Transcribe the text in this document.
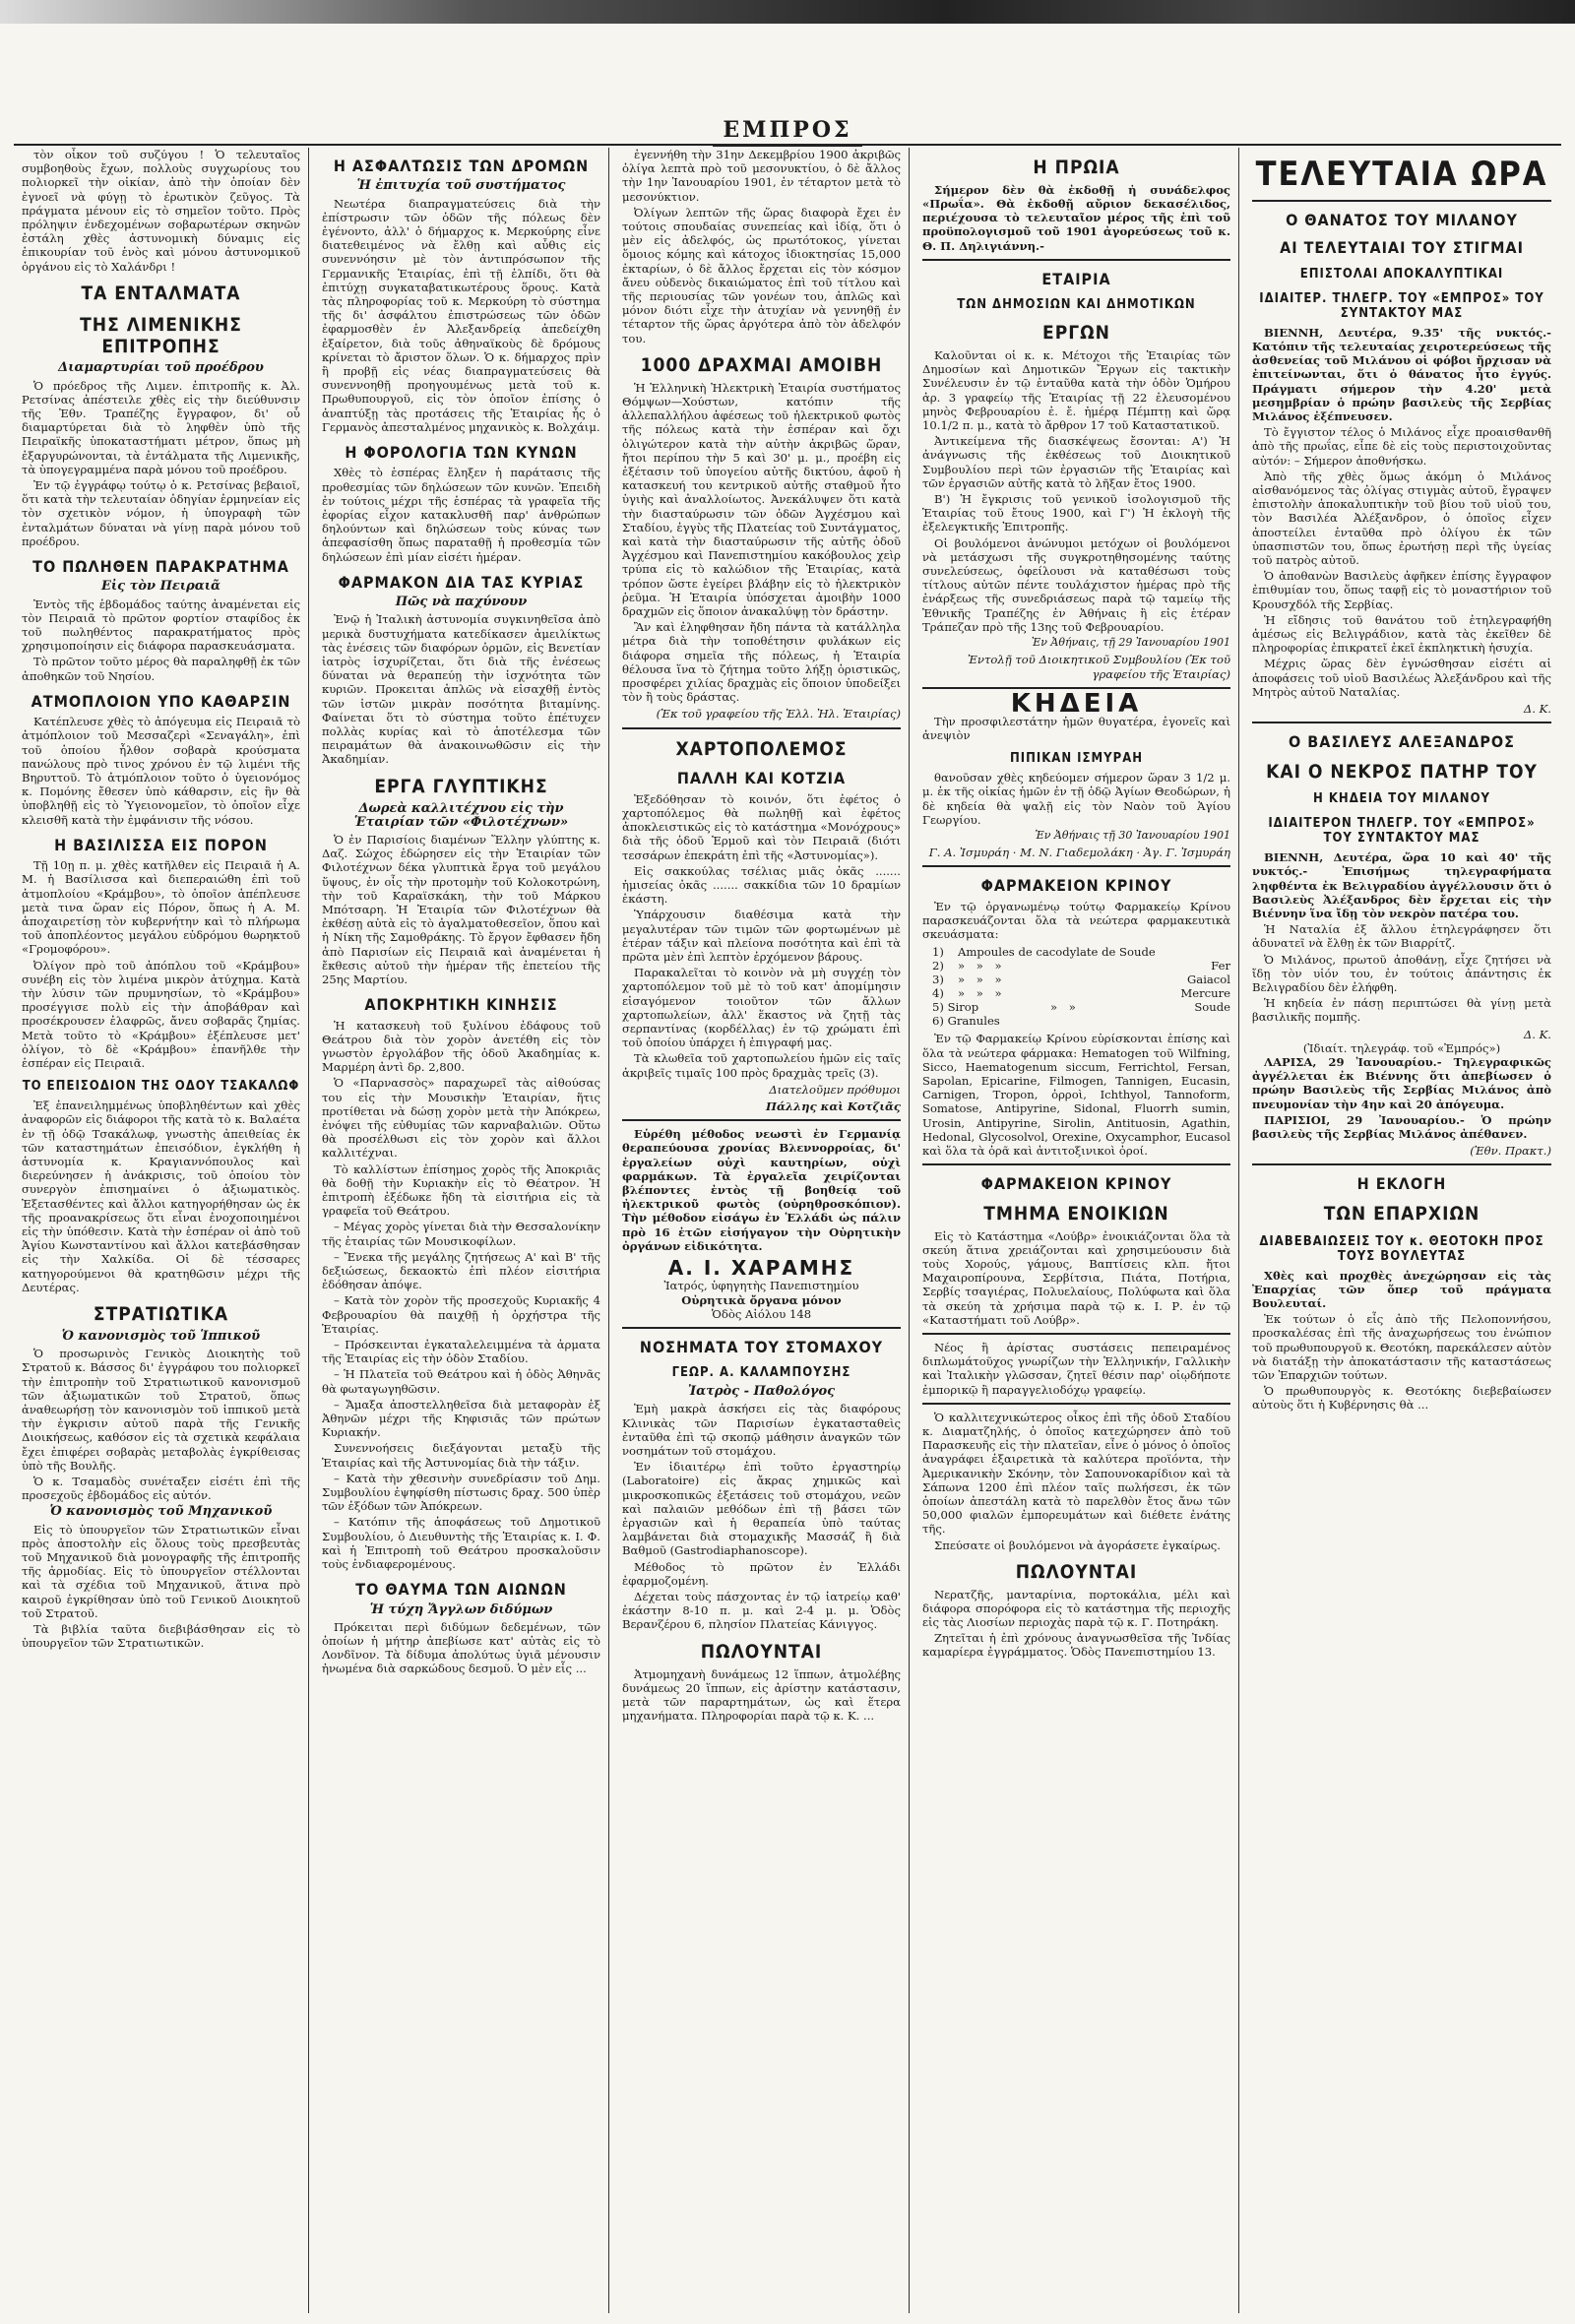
ΕΜΠΡΟΣ

τὸν οἶκον τοῦ συζύγου ! Ὁ τελευταῖος συμβοηθοὺς ἔχων, πολλοὺς συγχωρίους του πολιορκεῖ τὴν οἰκίαν, ἀπὸ τὴν ὁποίαν δὲν ἐγνοεῖ νὰ φύγῃ τὸ ἐρωτικὸν ζεῦγος. Τὰ πράγματα μένουν εἰς τὸ σημεῖον τοῦτο. Πρὸς πρόληψιν ἐνδεχομένων σοβαρωτέρων σκηνῶν ἐστάλη χθὲς ἀστυνομικὴ δύναμις εἰς ἐπικουρίαν τοῦ ἑνὸς καὶ μόνου ἀστυνομικοῦ ὀργάνου εἰς τὸ Χαλάνδρι !

ΤΑ ΕΝΤΑΛΜΑΤΑ
ΤΗΣ ΛΙΜΕΝΙΚΗΣ ΕΠΙΤΡΟΠΗΣ
Διαμαρτυρίαι τοῦ προέδρου

Ὁ πρόεδρος τῆς Λιμεν. ἐπιτροπῆς κ. Ἀλ. Ρετσίνας ἀπέστειλε χθὲς εἰς τὴν διεύθυνσιν τῆς Ἐθν. Τραπέζης ἔγγραφον, δι' οὗ διαμαρτύρεται διὰ τὸ ληφθὲν ὑπὸ τῆς Πειραϊκῆς ὑποκαταστήματι μέτρον, ὅπως μὴ ἐξαργυρώνονται, τὰ ἐντάλματα τῆς Λιμενικῆς, τὰ ὑπογεγραμμένα παρὰ μόνου τοῦ προέδρου.

Ἐν τῷ ἐγγράφῳ τούτῳ ὁ κ. Ρετσίνας βεβαιοῖ, ὅτι κατὰ τὴν τελευταίαν ὁδηγίαν ἑρμηνείαν εἰς τὸν σχετικὸν νόμον, ἡ ὑπογραφὴ τῶν ἐνταλμάτων δύναται νὰ γίνῃ παρὰ μόνου τοῦ προέδρου.

ΤΟ ΠΩΛΗΘΕΝ ΠΑΡΑΚΡΑΤΗΜΑ
Εἰς τὸν Πειραιᾶ

Ἐντὸς τῆς ἑβδομάδος ταύτης ἀναμένεται εἰς τὸν Πειραιᾶ τὸ πρῶτον φορτίον σταφίδος ἐκ τοῦ πωληθέντος παρακρατήματος πρὸς χρησιμοποίησιν εἰς διάφορα παρασκευάσματα.

Τὸ πρῶτον τοῦτο μέρος θὰ παραληφθῇ ἐκ τῶν ἀποθηκῶν τοῦ Νησίου.

ΑΤΜΟΠΛΟΙΟΝ ΥΠΟ ΚΑΘΑΡΣΙΝ

Κατέπλευσε χθὲς τὸ ἀπόγευμα εἰς Πειραιᾶ τὸ ἀτμόπλοιον τοῦ Μεσσαζερὶ «Σεναγάλη», ἐπὶ τοῦ ὁποίου ἦλθον σοβαρὰ κρούσματα πανώλους πρὸ τινος χρόνου ἐν τῷ λιμένι τῆς Βηρυττοῦ. Τὸ ἀτμόπλοιον τοῦτο ὁ ὑγειονόμος κ. Πομόνης ἔθεσεν ὑπὸ κάθαρσιν, εἰς ἣν θὰ ὑποβληθῇ εἰς τὸ Ὑγειονομεῖον, τὸ ὁποῖον εἶχε κλεισθῆ κατὰ τὴν ἐμφάνισιν τῆς νόσου.

Η ΒΑΣΙΛΙΣΣΑ ΕΙΣ ΠΟΡΟΝ

Τῇ 10ῃ π. μ. χθὲς κατῆλθεν εἰς Πειραιᾶ ἡ Α. Μ. ἡ Βασίλισσα καὶ διεπεραιώθη ἐπὶ τοῦ ἀτμοπλοίου «Κράμβου», τὸ ὁποῖον ἀπέπλευσε μετὰ τινα ὥραν εἰς Πόρον, ὅπως ἡ Α. Μ. ἀποχαιρετίσῃ τὸν κυβερνήτην καὶ τὸ πλήρωμα τοῦ ἀποπλέοντος μεγάλου εὐδρόμου θωρηκτοῦ «Γρομοφόρου».

Ὀλίγον πρὸ τοῦ ἀπόπλου τοῦ «Κράμβου» συνέβη εἰς τὸν λιμένα μικρὸν ἀτύχημα. Κατὰ τὴν λύσιν τῶν πρυμνησίων, τὸ «Κράμβου» προσέγγισε πολὺ εἰς τὴν ἀποβάθραν καὶ προσέκρουσεν ἐλαφρῶς, ἄνευ σοβαρᾶς ζημίας. Μετὰ τοῦτο τὸ «Κράμβου» ἐξέπλευσε μετ' ὀλίγον, τὸ δὲ «Κράμβου» ἐπανῆλθε τὴν ἑσπέραν εἰς Πειραιᾶ.

ΤΟ ΕΠΕΙΣΟΔΙΟΝ ΤΗΣ ΟΔΟΥ ΤΣΑΚΑΛΩΦ

Ἐξ ἐπανειλημμένως ὑποβληθέντων καὶ χθὲς ἀναφορῶν εἰς διάφοροι τῆς κατὰ τὸ κ. Βαλαέτα ἐν τῇ ὁδῷ Τσακάλωφ, γνωστὴς ἀπειθείας ἐκ τῶν καταστημάτων ἐπεισόδιον, ἐγκλήθη ἡ ἀστυνομία κ. Κραγιαννόπουλος καὶ διερεύνησεν ἡ ἀνάκρισις, τοῦ ὁποίου τὸν συνεργὸν ἐπισημαίνει ὁ ἀξιωματικὸς. Ἐξετασθέντες καὶ ἄλλοι κατηγορήθησαν ὡς ἐκ τῆς προανακρίσεως ὅτι εἶναι ἐνοχοποιημένοι εἰς τὴν ὑπόθεσιν. Κατὰ τὴν ἑσπέραν οἱ ἀπὸ τοῦ Ἁγίου Κωνσταντίνου καὶ ἄλλοι κατεβάσθησαν εἰς τὴν Χαλκίδα. Οἱ δὲ τέσσαρες κατηγορούμενοι θὰ κρατηθῶσιν μέχρι τῆς Δευτέρας.

ΣΤΡΑΤΙΩΤΙΚΑ
Ὁ κανονισμὸς τοῦ Ἱππικοῦ

Ὁ προσωρινὸς Γενικὸς Διοικητὴς τοῦ Στρατοῦ κ. Βάσσος δι' ἐγγράφου του πολιορκεῖ τὴν ἐπιτροπὴν τοῦ Στρατιωτικοῦ κανονισμοῦ τῶν ἀξιωματικῶν τοῦ Στρατοῦ, ὅπως ἀναθεωρήσῃ τὸν κανονισμὸν τοῦ ἱππικοῦ μετὰ τὴν ἐγκρισιν αὐτοῦ παρὰ τῆς Γενικῆς Διοικήσεως, καθόσον εἰς τὰ σχετικὰ κεφάλαια ἔχει ἐπιφέρει σοβαρὰς μεταβολὰς ἐγκρίθεισας ὑπὸ τῆς Βουλῆς.

Ὁ κ. Τσαμαδὸς συνέταξεν εἰσέτι ἐπὶ τῆς προσεχοῦς ἐβδομάδος εἰς αὐτόν.

Ὁ κανονισμὸς τοῦ Μηχανικοῦ

Εἰς τὸ ὑπουργεῖον τῶν Στρατιωτικῶν εἶναι πρὸς ἀποστολὴν εἰς ὅλους τοὺς πρεσβευτὰς τοῦ Μηχανικοῦ διὰ μονογραφῆς τῆς ἐπιτροπῆς τῆς ἀρμοδίας. Εἰς τὸ ὑπουργεῖον στέλλονται καὶ τὰ σχέδια τοῦ Μηχανικοῦ, ἅτινα πρὸ καιροῦ ἐγκρίθησαν ὑπὸ τοῦ Γενικοῦ Διοικητοῦ τοῦ Στρατοῦ.

Τὰ βιβλία ταῦτα διεβιβάσθησαν εἰς τὸ ὑπουργεῖον τῶν Στρατιωτικῶν.

Η ΑΣΦΑΛΤΩΣΙΣ ΤΩΝ ΔΡΟΜΩΝ
Ἡ ἐπιτυχία τοῦ συστήματος

Νεωτέρα διαπραγματεύσεις διὰ τὴν ἐπίστρωσιν τῶν ὁδῶν τῆς πόλεως δὲν ἐγένοντο, ἀλλ' ὁ δήμαρχος κ. Μερκούρης εἶνε διατεθειμένος νὰ ἔλθῃ καὶ αὖθις εἰς συνεννόησιν μὲ τὸν ἀντιπρόσωπον τῆς Γερμανικῆς Ἑταιρίας, ἐπὶ τῇ ἐλπίδι, ὅτι θὰ ἐπιτύχῃ συγκαταβατικωτέρους ὅρους. Κατὰ τὰς πληροφορίας τοῦ κ. Μερκούρη τὸ σύστημα τῆς δι' ἀσφάλτου ἐπιστρώσεως τῶν ὁδῶν ἐφαρμοσθὲν ἐν Ἀλεξανδρείᾳ ἀπεδείχθη ἐξαίρετον, διὰ τοῦς ἀθηναϊκοὺς δὲ δρόμους κρίνεται τὸ ἄριστον ὅλων. Ὁ κ. δήμαρχος πρὶν ἢ προβῇ εἰς νέας διαπραγματεύσεις θὰ συνεννοηθῇ προηγουμένως μετὰ τοῦ κ. Πρωθυπουργοῦ, εἰς τὸν ὁποῖον ἐπίσης ὁ ἀναπτύξῃ τὰς προτάσεις τῆς Ἑταιρίας ἧς ὁ Γερμανὸς ἀπεσταλμένος μηχανικὸς κ. Βολχάιμ.

Η ΦΟΡΟΛΟΓΙΑ ΤΩΝ ΚΥΝΩΝ

Χθὲς τὸ ἑσπέρας ἔληξεν ἡ παράτασις τῆς προθεσμίας τῶν δηλώσεων τῶν κυνῶν. Ἐπειδὴ ἐν τούτοις μέχρι τῆς ἑσπέρας τὰ γραφεῖα τῆς ἐφορίας εἶχον κατακλυσθῆ παρ' ἀνθρώπων δηλούντων καὶ δηλώσεων τοὺς κύνας των ἀπεφασίσθη ὅπως παραταθῇ ἡ προθεσμία τῶν δηλώσεων ἐπὶ μίαν εἰσέτι ἡμέραν.

ΦΑΡΜΑΚΟΝ ΔΙΑ ΤΑΣ ΚΥΡΙΑΣ
Πῶς νὰ παχύνουν

Ἐνῷ ἡ Ἰταλικὴ ἀστυνομία συγκινηθεῖσα ἀπὸ μερικὰ δυστυχήματα κατεδίκασεν ἀμειλίκτως τὰς ἐνέσεις τῶν διαφόρων ὁρμῶν, εἰς Βενετίαν ἰατρὸς ἰσχυρίζεται, ὅτι διὰ τῆς ἐνέσεως δύναται νὰ θεραπεύῃ τὴν ἰσχνότητα τῶν κυριῶν. Προκειται ἁπλῶς νὰ εἰσαχθῇ ἐντὸς τῶν ἱστῶν μικρὰν ποσότητα βιταμίνης. Φαίνεται ὅτι τὸ σύστημα τοῦτο ἐπέτυχεν πολλὰς κυρίας καὶ τὸ ἀποτέλεσμα τῶν πειραμάτων θὰ ἀνακοινωθῶσιν εἰς τὴν Ἀκαδημίαν.

ΕΡΓΑ ΓΛΥΠΤΙΚΗΣ
Δωρεὰ καλλιτέχνου εἰς τὴν Ἑταιρίαν τῶν «Φιλοτέχνων»

Ὁ ἐν Παρισίοις διαμένων Ἕλλην γλύπτης κ. Δαζ. Σώχος ἐδώρησεν εἰς τὴν Ἑταιρίαν τῶν Φιλοτέχνων δέκα γλυπτικὰ ἔργα τοῦ μεγάλου ὕψους, ἐν οἷς τὴν προτομὴν τοῦ Κολοκοτρώνη, τὴν τοῦ Καραϊσκάκη, τὴν τοῦ Μάρκου Μπότσαρη. Ἡ Ἑταιρία τῶν Φιλοτέχνων θὰ ἐκθέσῃ αὐτὰ εἰς τὸ ἀγαλματοθεσεῖον, ὅπου καὶ ἡ Νίκη τῆς Σαμοθράκης. Τὸ ἔργον ἔφθασεν ἤδη ἀπὸ Παρισίων εἰς Πειραιᾶ καὶ ἀναμένεται ἡ ἔκθεσις αὐτοῦ τὴν ἡμέραν τῆς ἐπετείου τῆς 25ης Μαρτίου.

ΑΠΟΚΡΗΤΙΚΗ ΚΙΝΗΣΙΣ

Ἡ κατασκευὴ τοῦ ξυλίνου ἐδάφους τοῦ Θεάτρου διὰ τὸν χορὸν ἀνετέθη εἰς τὸν γνωστὸν ἐργολάβον τῆς ὁδοῦ Ἀκαδημίας κ. Μαρμέρη ἀντὶ δρ. 2,800.

Ὁ «Παρνασσὸς» παραχωρεῖ τὰς αἰθούσας του εἰς τὴν Μουσικὴν Ἑταιρίαν, ἥτις προτίθεται νὰ δώσῃ χορὸν μετὰ τὴν Ἀπόκρεω, ἐνόψει τῆς εὐθυμίας τῶν καρναβαλιῶν. Οὕτω θὰ προσέλθωσι εἰς τὸν χορὸν καὶ ἄλλοι καλλιτέχναι.

Τὸ καλλίστων ἐπίσημος χορὸς τῆς Ἀποκριᾶς θὰ δοθῇ τὴν Κυριακὴν εἰς τὸ Θέατρον. Ἡ ἐπιτροπὴ ἐξέδωκε ἤδη τὰ εἰσιτήρια εἰς τὰ γραφεῖα τοῦ Θεάτρου.

– Μέγας χορὸς γίνεται διὰ τὴν Θεσσαλονίκην τῆς ἑταιρίας τῶν Μουσικοφίλων.

– Ἔνεκα τῆς μεγάλης ζητήσεως Α' καὶ Β' τῆς δεξιώσεως, δεκαοκτὼ ἐπὶ πλέον εἰσιτήρια ἐδόθησαν ἀπόψε.

– Κατὰ τὸν χορὸν τῆς προσεχοῦς Κυριακῆς 4 Φεβρουαρίου θὰ παιχθῇ ἡ ὁρχήστρα τῆς Ἑταιρίας.

– Πρόσκεινται ἐγκαταλελειμμένα τὰ ἁρματα τῆς Ἑταιρίας εἰς τὴν ὁδὸν Σταδίου.

– Ἡ Πλατεῖα τοῦ Θεάτρου καὶ ἡ ὁδὸς Ἀθηνᾶς θὰ φωταγωγηθῶσιν.

– Ἄμαξα ἀποστελληθεῖσα διὰ μεταφορὰν ἐξ Ἀθηνῶν μέχρι τῆς Κηφισιᾶς τῶν πρώτων Κυριακήν.

Συνεννοήσεις διεξάγονται μεταξὺ τῆς Ἑταιρίας καὶ τῆς Ἀστυνομίας διὰ τὴν τάξιν.

– Κατὰ τὴν χθεσινὴν συνεδρίασιν τοῦ Δημ. Συμβουλίου ἐψηφίσθη πίστωσις δραχ. 500 ὑπὲρ τῶν ἐξόδων τῶν Ἀπόκρεων.

– Κατόπιν τῆς ἀποφάσεως τοῦ Δημοτικοῦ Συμβουλίου, ὁ Διευθυντὴς τῆς Ἑταιρίας κ. Ι. Φ. καὶ ἡ Ἐπιτροπὴ τοῦ Θεάτρου προσκαλοῦσιν τοὺς ἐνδιαφερομένους.

ΤΟ ΘΑΥΜΑ ΤΩΝ ΑΙΩΝΩΝ
Ἡ τύχη Ἄγγλων διδύμων

Πρόκειται περὶ διδύμων δεδεμένων, τῶν ὁποίων ἡ μήτηρ ἀπεβίωσε κατ' αὐτὰς εἰς τὸ Λονδῖνον. Τὰ δίδυμα ἀπολύτως ὑγιᾶ μένουσιν ἡνωμένα διὰ σαρκώδους δεσμοῦ. Ὁ μὲν εἷς ...

ἐγεννήθη τὴν 31ην Δεκεμβρίου 1900 ἀκριβῶς ὀλίγα λεπτὰ πρὸ τοῦ μεσονυκτίου, ὁ δὲ ἄλλος τὴν 1ην Ἰανουαρίου 1901, ἐν τέταρτον μετὰ τὸ μεσονύκτιον.

Ὀλίγων λεπτῶν τῆς ὥρας διαφορὰ ἔχει ἐν τούτοις σπουδαίας συνεπείας καὶ ἰδίᾳ, ὅτι ὁ μὲν εἰς ἀδελφός, ὡς πρωτότοκος, γίνεται ὅμοιος κόμης καὶ κάτοχος ἰδιοκτησίας 15,000 ἐκταρίων, ὁ δὲ ἄλλος ἔρχεται εἰς τὸν κόσμον ἄνευ οὐδενὸς δικαιώματος ἐπὶ τοῦ τίτλου καὶ τῆς περιουσίας τῶν γονέων του, ἁπλῶς καὶ μόνον διότι εἶχε τὴν ἀτυχίαν νὰ γεννηθῇ ἐν τέταρτον τῆς ὥρας ἀργότερα ἀπὸ τὸν ἀδελφόν του.

1000 ΔΡΑΧΜΑΙ ΑΜΟΙΒΗ

Ἡ Ἑλληνικὴ Ἠλεκτρικὴ Ἑταιρία συστήματος Θόμψων—Χούστων, κατόπιν τῆς ἀλλεπαλλήλου ἀφέσεως τοῦ ἠλεκτρικοῦ φωτὸς τῆς πόλεως κατὰ τὴν ἑσπέραν καὶ ὄχι ὀλιγώτερον κατὰ τὴν αὐτὴν ἀκριβῶς ὥραν, ἤτοι περίπου τὴν 5 καὶ 30' μ. μ., προέβη εἰς ἐξέτασιν τοῦ ὑπογείου αὐτῆς δικτύου, ἀφοῦ ἡ κατασκευή του κεντρικοῦ αὐτῆς σταθμοῦ ἦτο ὑγιὴς καὶ ἀναλλοίωτος. Ἀνεκάλυψεν ὅτι κατὰ τὴν διασταύρωσιν τῶν ὁδῶν Ἀγχέσμου καὶ Σταδίου, ἐγγὺς τῆς Πλατείας τοῦ Συντάγματος, καὶ κατὰ τὴν διασταύρωσιν τῆς αὐτῆς ὁδοῦ Ἀγχέσμου καὶ Πανεπιστημίου κακόβουλος χεὶρ τρύπα εἰς τὸ καλώδιον τῆς Ἑταιρίας, κατὰ τρόπον ὥστε ἐγείρει βλάβην εἰς τὸ ἠλεκτρικὸν ῥεῦμα. Ἡ Ἑταιρία ὑπόσχεται ἀμοιβὴν 1000 δραχμῶν εἰς ὅποιον ἀνακαλύψῃ τὸν δράστην.

Ἂν καὶ ἐληφθησαν ἤδη πάντα τὰ κατάλληλα μέτρα διὰ τὴν τοποθέτησιν φυλάκων εἰς διάφορα σημεῖα τῆς πόλεως, ἡ Ἑταιρία θέλουσα ἵνα τὸ ζήτημα τοῦτο λήξῃ ὁριστικῶς, προσφέρει χιλίας δραχμὰς εἰς ὅποιον ὑποδείξει τὸν ἢ τοὺς δράστας.

(Ἐκ τοῦ γραφείου τῆς Ἑλλ. Ἠλ. Ἑταιρίας)
ΧΑΡΤΟΠΟΛΕΜΟΣ
ΠΑΛΛΗ ΚΑΙ ΚΟΤΖΙΑ

Ἐξεδόθησαν τὸ κοινόν, ὅτι ἐφέτος ὁ χαρτοπόλεμος θὰ πωληθῇ καὶ ἐφέτος ἀποκλειστικῶς εἰς τὸ κατάστημα «Μονόχρους» διὰ τῆς ὁδοῦ Ἑρμοῦ καὶ τὸν Πειραιᾶ (διότι τεσσάρων ἐπεκράτη ἐπὶ τῆς «Ἀστυνομίας»).

Εἰς σακκούλας τσέλιας μιᾶς ὀκᾶς ....... ἡμισείας ὀκᾶς ....... σακκίδια τῶν 10 δραμίων ἑκάστη.

Ὑπάρχουσιν διαθέσιμα κατὰ τὴν μεγαλυτέραν τῶν τιμῶν τῶν φορτωμένων μὲ ἑτέραν τάξιν καὶ πλείονα ποσότητα καὶ ἐπὶ τὰ πρῶτα μὲν ἐπὶ λεπτὸν ἐρχόμενον βάρους.

Παρακαλεῖται τὸ κοινὸν νὰ μὴ συγχέῃ τὸν χαρτοπόλεμον τοῦ μὲ τὸ τοῦ κατ' ἀπομίμησιν εἰσαγόμενον τοιοῦτον τῶν ἄλλων χαρτοπωλείων, ἀλλ' ἕκαστος νὰ ζητῇ τὰς σερπαντίνας (κορδέλλας) ἐν τῷ χρώματι ἐπὶ τοῦ ὁποίου ὑπάρχει ἡ ἐπιγραφή μας.

Τὰ κλωθεῖα τοῦ χαρτοπωλείου ἡμῶν εἰς ταῖς ἀκριβεῖς τιμαῖς 100 πρὸς δραχμὰς τρεῖς (3).

Διατελοῦμεν πρόθυμοι
Πάλλης καὶ Κοτζιᾶς

Εὑρέθη μέθοδος νεωστὶ ἐν Γερμανίᾳ θεραπεύουσα χρονίας Βλεννορροίας, δι' ἐργαλείων οὐχὶ καυτηρίων, οὐχὶ φαρμάκων. Τὰ ἐργαλεῖα χειρίζονται βλέποντες ἐντὸς τῇ βοηθείᾳ τοῦ ἠλεκτρικοῦ φωτὸς (οὐρηθροσκόπιον). Τὴν μέθοδον εἰσάγω ἐν Ἑλλάδι ὡς πάλιν πρὸ 16 ἐτῶν εἰσήγαγον τὴν Οὐρητικὴν ὀργάνων εἰδικότητα.

Α. Ι. ΧΑΡΑΜΗΣ
Ἰατρός, ὑφηγητὴς Πανεπιστημίου
Οὐρητικὰ ὄργανα μόνον
Ὁδὸς Αἰόλου 148
ΝΟΣΗΜΑΤΑ ΤΟΥ ΣΤΟΜΑΧΟΥ
ΓΕΩΡ. Α. ΚΑΛΑΜΠΟΥΣΗΣ
Ἰατρὸς - Παθολόγος

Ἐμὴ μακρὰ ἀσκήσει εἰς τὰς διαφόρους Κλινικὰς τῶν Παρισίων ἐγκατασταθεὶς ἐνταῦθα ἐπὶ τῷ σκοπῷ μάθησιν ἀναγκῶν τῶν νοσημάτων τοῦ στομάχου.

Ἐν ἰδιαιτέρῳ ἐπὶ τοῦτο ἐργαστηρίῳ (Laboratoire) εἰς ἄκρας χημικῶς καὶ μικροσκοπικῶς ἐξετάσεις τοῦ στομάχου, νεῶν καὶ παλαιῶν μεθόδων ἐπὶ τῇ βάσει τῶν ἐργασιῶν καὶ ἡ θεραπεία ὑπὸ ταύτας λαμβάνεται διὰ στομαχικῆς Μασσάζ ἢ διὰ Βαθμοῦ (Gastrodiaphanoscope).

Μέθοδος τὸ πρῶτον ἐν Ἑλλάδι ἐφαρμοζομένη.

Δέχεται τοὺς πάσχοντας ἐν τῷ ἰατρείῳ καθ' ἑκάστην 8-10 π. μ. καὶ 2-4 μ. μ. Ὁδὸς Βερανζέρου 6, πλησίον Πλατείας Κάνιγγος.

ΠΩΛΟΥΝΤΑΙ

Ἀτμομηχανὴ δυνάμεως 12 ἵππων, ἀτμολέβης δυνάμεως 20 ἵππων, εἰς ἀρίστην κατάστασιν, μετὰ τῶν παραρτημάτων, ὡς καὶ ἕτερα μηχανήματα. Πληροφορίαι παρὰ τῷ κ. Κ. ...

Η ΠΡΩΙΑ

Σήμερον δὲν θὰ ἐκδοθῇ ἡ συνάδελφος «Πρωΐα». Θὰ ἐκδοθῇ αὔριον δεκασέλιδος, περιέχουσα τὸ τελευταῖον μέρος τῆς ἐπὶ τοῦ προϋπολογισμοῦ τοῦ 1901 ἀγορεύσεως τοῦ κ. Θ. Π. Δηλιγιάννη.-

ΕΤΑΙΡΙΑ
ΤΩΝ ΔΗΜΟΣΙΩΝ ΚΑΙ ΔΗΜΟΤΙΚΩΝ
ΕΡΓΩΝ

Καλοῦνται οἱ κ. κ. Μέτοχοι τῆς Ἑταιρίας τῶν Δημοσίων καὶ Δημοτικῶν Ἔργων εἰς τακτικὴν Συνέλευσιν ἐν τῷ ἐνταῦθα κατὰ τὴν ὁδὸν Ὁμήρου ἀρ. 3 γραφείῳ τῆς Ἑταιρίας τῇ 22 ἐλευσομένου μηνὸς Φεβρουαρίου ἐ. ἔ. ἡμέρᾳ Πέμπτῃ καὶ ὥρᾳ 10.1/2 π. μ., κατὰ τὸ ἄρθρον 17 τοῦ Καταστατικοῦ.

Ἀντικείμενα τῆς διασκέψεως ἔσονται: Α') Ἡ ἀνάγνωσις τῆς ἐκθέσεως τοῦ Διοικητικοῦ Συμβουλίου περὶ τῶν ἐργασιῶν τῆς Ἑταιρίας καὶ τῶν ἐργασιῶν αὐτῆς κατὰ τὸ λῆξαν ἔτος 1900.

Β') Ἡ ἔγκρισις τοῦ γενικοῦ ἰσολογισμοῦ τῆς Ἑταιρίας τοῦ ἔτους 1900, καὶ Γ') Ἡ ἐκλογὴ τῆς ἐξελεγκτικῆς Ἐπιτροπῆς.

Οἱ βουλόμενοι ἀνώνυμοι μετόχων οἱ βουλόμενοι νὰ μετάσχωσι τῆς συγκροτηθησομένης ταύτης συνελεύσεως, ὀφείλουσι νὰ καταθέσωσι τοὺς τίτλους αὐτῶν πέντε τουλάχιστον ἡμέρας πρὸ τῆς ἐνάρξεως τῆς συνεδριάσεως παρὰ τῷ ταμείῳ τῆς Ἐθνικῆς Τραπέζης ἐν Ἀθήναις ἢ εἰς ἑτέραν Τράπεζαν πρὸ τῆς 13ης τοῦ Φεβρουαρίου.

Ἐν Ἀθήναις, τῇ 29 Ἰανουαρίου 1901
Ἐντολῇ τοῦ Διοικητικοῦ Συμβουλίου (Ἐκ τοῦ γραφείου τῆς Ἑταιρίας)
ΚΗΔΕΙΑ

Τὴν προσφιλεστάτην ἡμῶν θυγατέρα, ἐγονεῖς καὶ ἀνεψιὸν

ΠΙΠΙΚΑΝ ΙΣΜΥΡΑΗ

θανοῦσαν χθὲς κηδεύομεν σήμερον ὥραν 3 1/2 μ. μ. ἐκ τῆς οἰκίας ἡμῶν ἐν τῇ ὁδῷ Ἀγίων Θεοδώρων, ἡ δὲ κηδεία θὰ ψαλῇ εἰς τὸν Ναὸν τοῦ Ἁγίου Γεωργίου.

Ἐν Ἀθήναις τῇ 30 Ἰανουαρίου 1901
Γ. Α. Ἰσμυράη · Μ. Ν. Γιαδεμολάκη · Ἀγ. Γ. Ἰσμυράη
ΦΑΡΜΑΚΕΙΟΝ ΚΡΙΝΟΥ

Ἐν τῷ ὀργανωμένῳ τούτῳ Φαρμακείῳ Κρίνου παρασκευάζονται ὅλα τὰ νεώτερα φαρμακευτικὰ σκευάσματα:

1)	Ampoules de cacodylate de Soude
2)	» » »	Fer
3)	» » »	Gaiacol
4)	» » »	Mercure
5) Sirop	» »	Soude
6) Granules

Ἐν τῷ Φαρμακείῳ Κρίνου εὑρίσκονται ἐπίσης καὶ ὅλα τὰ νεώτερα φάρμακα: Hematogen τοῦ Wilfning, Sicco, Haematogenum siccum, Ferrichtol, Fersan, Sapolan, Epicarine, Filmogen, Tannigen, Eucasin, Carnigen, Tropon, ὀρροὶ, Ichthyol, Tannoform, Somatose, Antipyrine, Sidonal, Fluorrh sumin, Urosin, Antipyrine, Sirolin, Antituosin, Agathin, Hedonal, Glycosolvol, Orexine, Oxycamphor, Eucasol καὶ ὅλα τὰ ὁρᾶ καὶ ἀντιτοξινικοὶ ὀροί.

ΦΑΡΜΑΚΕΙΟΝ ΚΡΙΝΟΥ
ΤΜΗΜΑ ΕΝΟΙΚΙΩΝ

Εἰς τὸ Κατάστημα «Λούβρ» ἐνοικιάζονται ὅλα τὰ σκεύη ἅτινα χρειάζονται καὶ χρησιμεύουσιν διὰ τοὺς Χορούς, γάμους, Βαπτίσεις κλπ. ἤτοι Μαχαιροπίρουνα, Σερβίτσια, Πιάτα, Ποτήρια, Σερβίς τσαγιέρας, Πολυελαίους, Πολύφωτα καὶ ὅλα τὰ σκεύη τὰ χρήσιμα παρὰ τῷ κ. Ι. Ρ. ἐν τῷ «Καταστήματι τοῦ Λούβρ».

Νέος ἢ ἀρίστας συστάσεις πεπειραμένος διπλωμάτοῦχος γνωρίζων τὴν Ἑλληνικήν, Γαλλικὴν καὶ Ἰταλικὴν γλῶσσαν, ζητεῖ θέσιν παρ' οἱῳδήποτε ἐμπορικῷ ἢ παραγγελιοδόχῳ γραφείῳ.

Ὁ καλλιτεχνικώτερος οἶκος ἐπὶ τῆς ὁδοῦ Σταδίου κ. Διαματζηλής, ὁ ὁποῖος κατεχώρησεν ἀπὸ τοῦ Παρασκευῆς εἰς τὴν πλατεῖαν, εἶνε ὁ μόνος ὁ ὁποῖος ἀναγράφει ἐξαιρετικὰ τὰ καλύτερα προϊόντα, τὴν Ἀμερικανικὴν Σκόνην, τὸν Σαπουνοκαρίδιον καὶ τὰ Σάπωνα 1200 ἐπὶ πλέον ταῖς πωλήσεσι, ἐκ τῶν ὁποίων ἀπεστάλη κατὰ τὸ παρελθὸν ἔτος ἄνω τῶν 50,000 φιαλῶν ἐμπορευμάτων καὶ διέθετε ἐνάτης τῆς.

Σπεύσατε οἱ βουλόμενοι νὰ ἀγοράσετε ἐγκαίρως.

ΠΩΛΟΥΝΤΑΙ

Νερατζῆς, μανταρίνια, πορτοκάλια, μέλι καὶ διάφορα σπορόφορα εἰς τὸ κατάστημα τῆς περιοχῆς εἰς τὰς Λιοσίων περιοχὰς παρὰ τῷ κ. Γ. Ποτηράκη.

Ζητεῖται ἡ ἐπὶ χρόνους ἀναγνωσθεῖσα τῆς Ἰνδίας καμαρίερα ἐγγράμματος. Ὁδὸς Πανεπιστημίου 13.

ΤΕΛΕΥΤΑΙΑ ΩΡΑ
Ο ΘΑΝΑΤΟΣ ΤΟΥ ΜΙΛΑΝΟΥ
ΑΙ ΤΕΛΕΥΤΑΙΑΙ ΤΟΥ ΣΤΙΓΜΑΙ
ΕΠΙΣΤΟΛΑΙ ΑΠΟΚΑΛΥΠΤΙΚΑΙ
ΙΔΙΑΙΤΕΡ. ΤΗΛΕΓΡ. ΤΟΥ «ΕΜΠΡΟΣ» ΤΟΥ ΣΥΝΤΑΚΤΟΥ ΜΑΣ

ΒΙΕΝΝΗ, Δευτέρα, 9.35' τῆς νυκτός.- Κατόπιν τῆς τελευταίας χειροτερεύσεως τῆς ἀσθενείας τοῦ Μιλάνου οἱ φόβοι ἤρχισαν νὰ ἐπιτείνωνται, ὅτι ὁ θάνατος ἦτο ἐγγύς. Πράγματι σήμερον τὴν 4.20' μετὰ μεσημβρίαν ὁ πρώην βασιλεὺς τῆς Σερβίας Μιλάνος ἐξέπνευσεν.

Τὸ ἔγγιστον τέλος ὁ Μιλάνος εἶχε προαισθανθῆ ἀπὸ τῆς πρωΐας, εἶπε δὲ εἰς τοὺς περιστοιχοῦντας αὐτόν: – Σήμερον ἀποθνήσκω.

Ἀπὸ τῆς χθὲς ὅμως ἀκόμη ὁ Μιλάνος αἰσθανόμενος τὰς ὀλίγας στιγμὰς αὐτοῦ, ἔγραψεν ἐπιστολὴν ἀποκαλυπτικὴν τοῦ βίου τοῦ υἱοῦ του, τὸν Βασιλέα Ἀλέξανδρον, ὁ ὁποῖος εἶχεν ἀποστείλει ἐνταῦθα πρὸ ὀλίγου ἐκ τῶν ὑπασπιστῶν του, ὅπως ἐρωτήσῃ περὶ τῆς ὑγείας τοῦ πατρὸς αὐτοῦ.

Ὁ ἀποθανὼν Βασιλεὺς ἀφῆκεν ἐπίσης ἔγγραφον ἐπιθυμίαν του, ὅπως ταφῇ εἰς τὸ μοναστήριον τοῦ Κρουσχδόλ τῆς Σερβίας.

Ἡ εἴδησις τοῦ θανάτου τοῦ ἐτηλεγραφήθη ἀμέσως εἰς Βελιγράδιον, κατὰ τὰς ἐκεῖθεν δὲ πληροφορίας ἐπικρατεῖ ἐκεῖ ἐκπληκτικὴ ἡσυχία.

Μέχρις ὥρας δὲν ἐγνώσθησαν εἰσέτι αἱ ἀποφάσεις τοῦ υἱοῦ Βασιλέως Ἀλεξάνδρου καὶ τῆς Μητρὸς αὐτοῦ Ναταλίας.

Δ. Κ.
Ο ΒΑΣΙΛΕΥΣ ΑΛΕΞΑΝΔΡΟΣ
ΚΑΙ Ο ΝΕΚΡΟΣ ΠΑΤΗΡ ΤΟΥ
Η ΚΗΔΕΙΑ ΤΟΥ ΜΙΛΑΝΟΥ
ΙΔΙΑΙΤΕΡΟΝ ΤΗΛΕΓΡ. ΤΟΥ «ΕΜΠΡΟΣ» ΤΟΥ ΣΥΝΤΑΚΤΟΥ ΜΑΣ

ΒΙΕΝΝΗ, Δευτέρα, ὥρα 10 καὶ 40' τῆς νυκτός.- Ἐπισήμως τηλεγραφήματα ληφθέντα ἐκ Βελιγραδίου ἀγγέλλουσιν ὅτι ὁ Βασιλεὺς Ἀλέξανδρος δὲν ἔρχεται εἰς τὴν Βιέννην ἵνα ἴδῃ τὸν νεκρὸν πατέρα του.

Ἡ Ναταλία ἐξ ἄλλου ἐτηλεγράφησεν ὅτι ἀδυνατεῖ νὰ ἔλθῃ ἐκ τῶν Βιαρρίτζ.

Ὁ Μιλάνος, πρωτοῦ ἀποθάνῃ, εἶχε ζητήσει νὰ ἴδῃ τὸν υἱόν του, ἐν τούτοις ἀπάντησις ἐκ Βελιγραδίου δὲν ἐλήφθη.

Ἡ κηδεία ἐν πάσῃ περιπτώσει θὰ γίνῃ μετὰ βασιλικῆς πομπῆς.

Δ. Κ.
(Ἰδιαίτ. τηλεγράφ. τοῦ «Ἐμπρός»)

ΛΑΡΙΣΑ, 29 Ἰανουαρίου.- Τηλεγραφικῶς ἀγγέλλεται ἐκ Βιέννης ὅτι ἀπεβίωσεν ὁ πρώην Βασιλεὺς τῆς Σερβίας Μιλάνος ἀπὸ πνευμονίαν τὴν 4ην καὶ 20 ἀπόγευμα.

ΠΑΡΙΣΙΟΙ, 29 Ἰανουαρίου.- Ὁ πρώην βασιλεὺς τῆς Σερβίας Μιλάνος ἀπέθανεν.

(Ἐθν. Πρακτ.)
Η ΕΚΛΟΓΗ
ΤΩΝ ΕΠΑΡΧΙΩΝ
ΔΙΑΒΕΒΑΙΩΣΕΙΣ ΤΟΥ κ. ΘΕΟΤΟΚΗ ΠΡΟΣ ΤΟΥΣ ΒΟΥΛΕΥΤΑΣ

Χθὲς καὶ προχθὲς ἀνεχώρησαν εἰς τὰς Ἐπαρχίας τῶν ὅπερ τοῦ πράγματα Βουλευταί.

Ἐκ τούτων ὁ εἷς ἀπὸ τῆς Πελοποννήσου, προσκαλέσας ἐπὶ τῆς ἀναχωρήσεως του ἐνώπιον τοῦ πρωθυπουργοῦ κ. Θεοτόκη, παρεκάλεσεν αὐτὸν νὰ διατάξῃ τὴν ἀποκατάστασιν τῆς καταστάσεως τῶν Ἐπαρχιῶν τούτων.

Ὁ πρωθυπουργὸς κ. Θεοτόκης διεβεβαίωσεν αὐτοὺς ὅτι ἡ Κυβέρνησις θὰ ...
